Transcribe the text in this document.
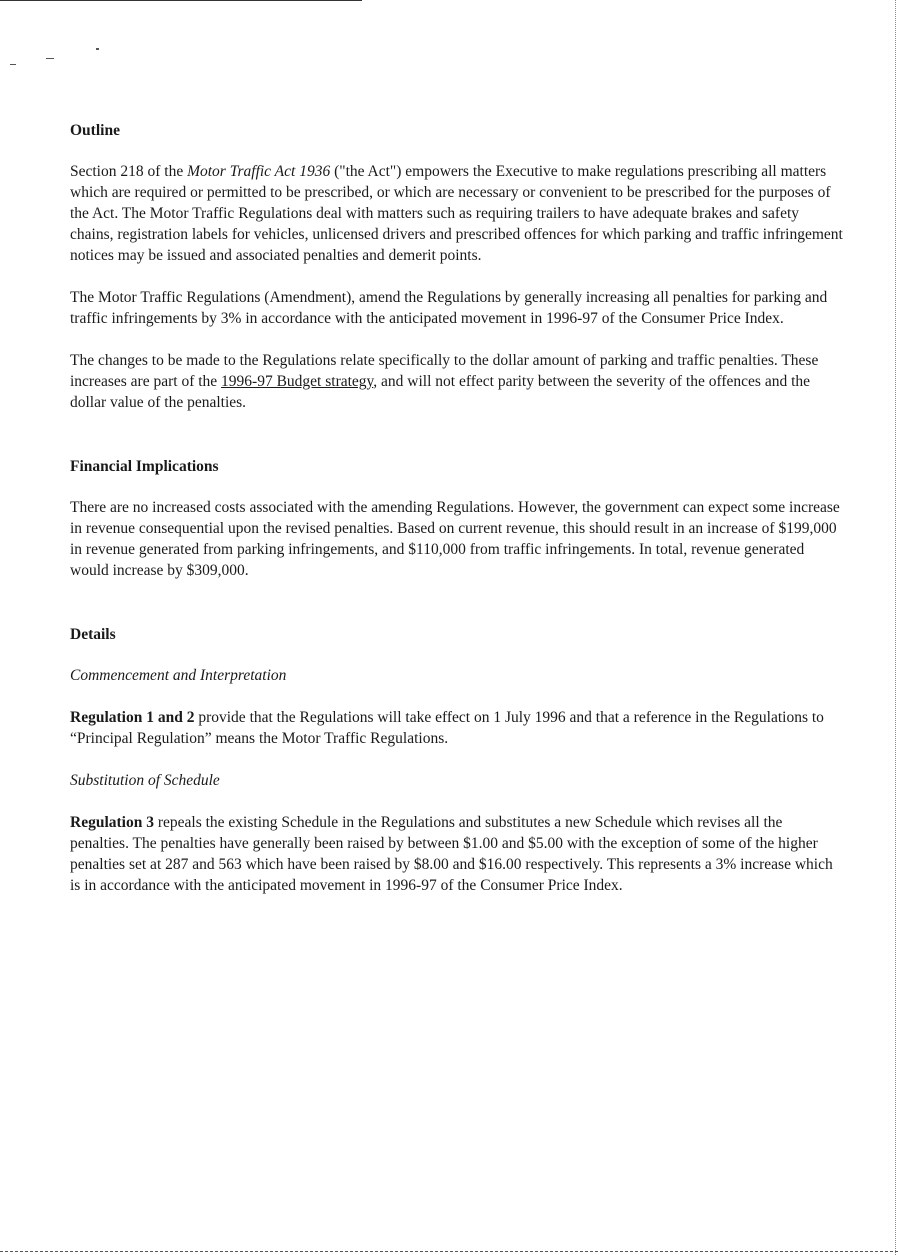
Outline

Section 218 of the Motor Traffic Act 1936 ("the Act") empowers the Executive to make regulations prescribing all matters which are required or permitted to be prescribed, or which are necessary or convenient to be prescribed for the purposes of the Act. The Motor Traffic Regulations deal with matters such as requiring trailers to have adequate brakes and safety chains, registration labels for vehicles, unlicensed drivers and prescribed offences for which parking and traffic infringement notices may be issued and associated penalties and demerit points.

The Motor Traffic Regulations (Amendment), amend the Regulations by generally increasing all penalties for parking and traffic infringements by 3% in accordance with the anticipated movement in 1996-97 of the Consumer Price Index.

The changes to be made to the Regulations relate specifically to the dollar amount of parking and traffic penalties. These increases are part of the 1996-97 Budget strategy, and will not effect parity between the severity of the offences and the dollar value of the penalties.

Financial Implications

There are no increased costs associated with the amending Regulations. However, the government can expect some increase in revenue consequential upon the revised penalties. Based on current revenue, this should result in an increase of $199,000 in revenue generated from parking infringements, and $110,000 from traffic infringements. In total, revenue generated would increase by $309,000.

Details
Commencement and Interpretation

Regulation 1 and 2 provide that the Regulations will take effect on 1 July 1996 and that a reference in the Regulations to “Principal Regulation” means the Motor Traffic Regulations.

Substitution of Schedule

Regulation 3 repeals the existing Schedule in the Regulations and substitutes a new Schedule which revises all the penalties. The penalties have generally been raised by between $1.00 and $5.00 with the exception of some of the higher penalties set at 287 and 563 which have been raised by $8.00 and $16.00 respectively. This represents a 3% increase which is in accordance with the anticipated movement in 1996-97 of the Consumer Price Index.
